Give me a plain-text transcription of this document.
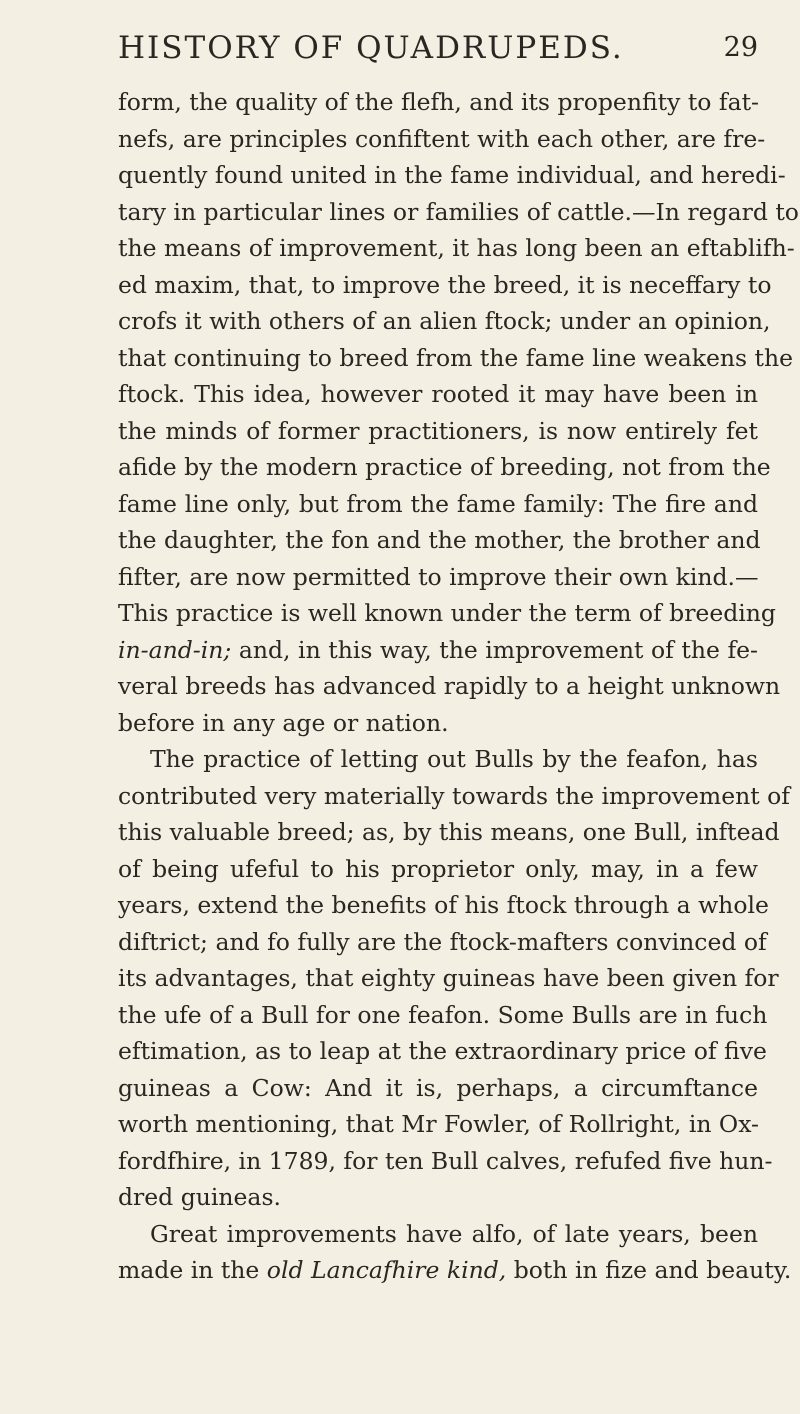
HISTORY OF QUADRUPEDS.	29
form, the quality of the flefh, and its propenfity to fat-
nefs, are principles confiftent with each other, are fre-
quently found united in the fame individual, and heredi-
tary in particular lines or families of cattle.—In regard to
the means of improvement, it has long been an eftablifh-
ed maxim, that, to improve the breed, it is neceffary to
crofs it with others of an alien ftock; under an opinion,
that continuing to breed from the fame line weakens the
ftock. This idea, however rooted it may have been in
the minds of former practitioners, is now entirely fet
afide by the modern practice of breeding, not from the
fame line only, but from the fame family: The fire and
the daughter, the fon and the mother, the brother and
fifter, are now permitted to improve their own kind.—
This practice is well known under the term of breeding
in-and-in; and, in this way, the improvement of the fe-
veral breeds has advanced rapidly to a height unknown
before in any age or nation.
The practice of letting out Bulls by the feafon, has
contributed very materially towards the improvement of
this valuable breed; as, by this means, one Bull, inftead
of being ufeful to his proprietor only, may, in a few
years, extend the benefits of his ftock through a whole
diftrict; and fo fully are the ftock-mafters convinced of
its advantages, that eighty guineas have been given for
the ufe of a Bull for one feafon. Some Bulls are in fuch
eftimation, as to leap at the extraordinary price of five
guineas a Cow: And it is, perhaps, a circumftance
worth mentioning, that Mr Fowler, of Rollright, in Ox-
fordfhire, in 1789, for ten Bull calves, refufed five hun-
dred guineas.
Great improvements have alfo, of late years, been
made in the old Lancafhire kind, both in fize and beauty.
